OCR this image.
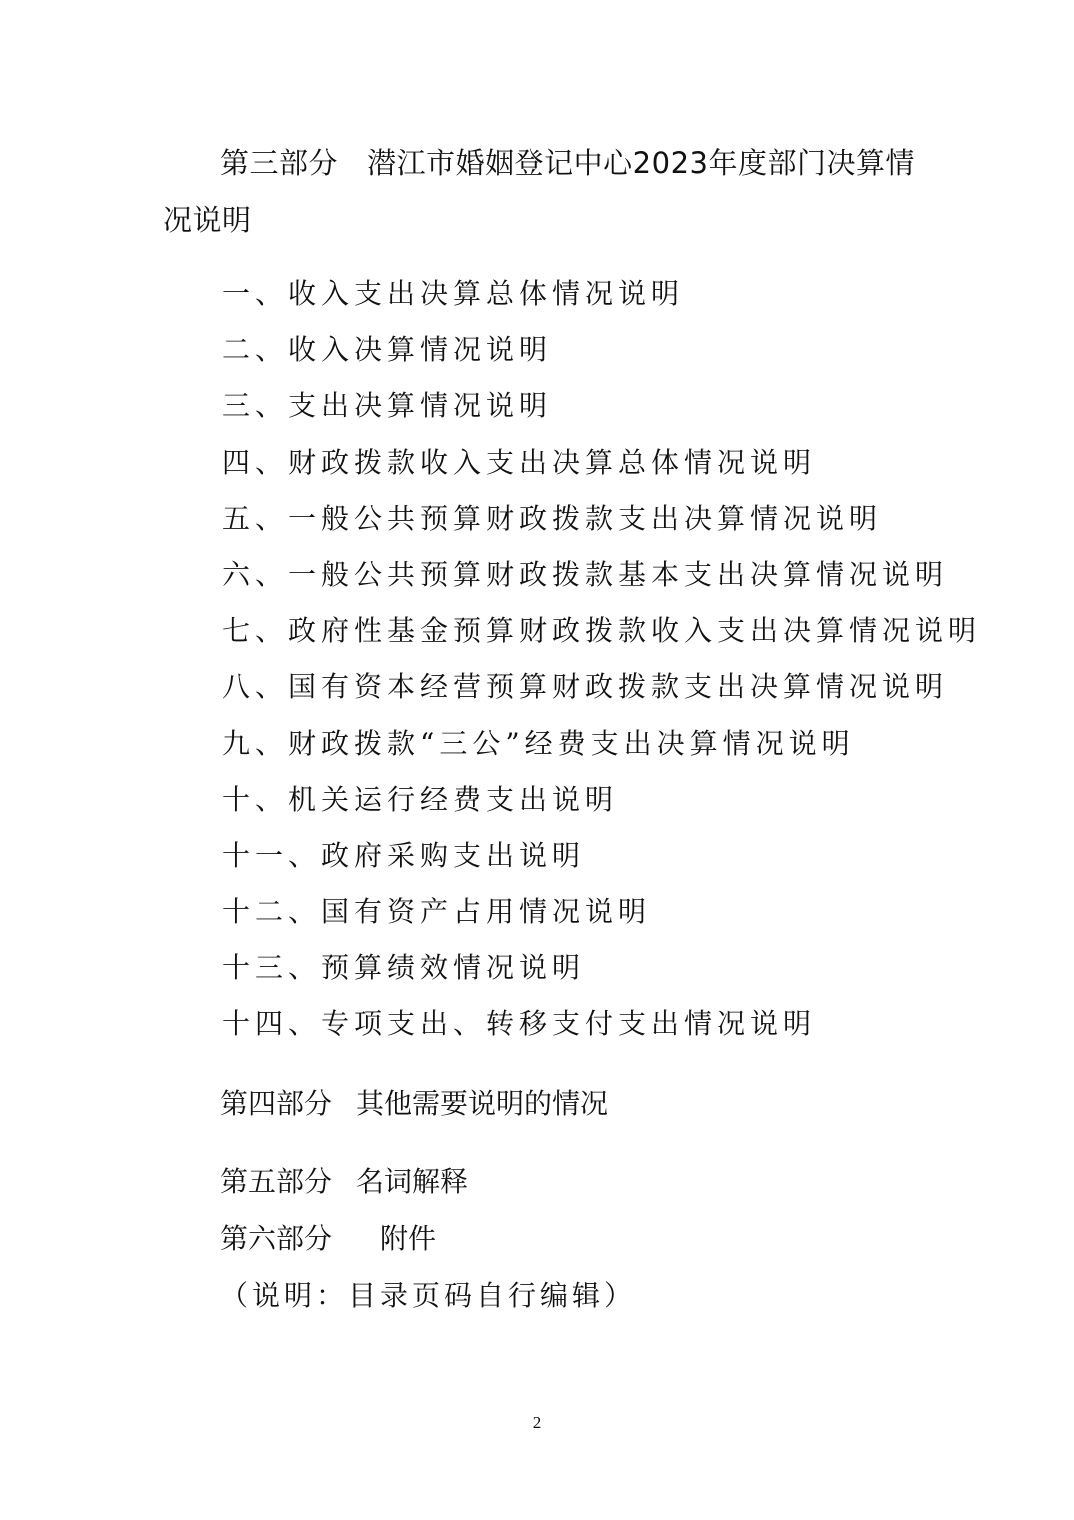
第三部分 潜江市婚姻登记中心2023年度部门决算情况说明
一、收入支出决算总体情况说明
二、收入决算情况说明
三、支出决算情况说明
四、财政拨款收入支出决算总体情况说明
五、一般公共预算财政拨款支出决算情况说明
六、一般公共预算财政拨款基本支出决算情况说明
七、政府性基金预算财政拨款收入支出决算情况说明
八、国有资本经营预算财政拨款支出决算情况说明
九、财政拨款“三公”经费支出决算情况说明
十、机关运行经费支出说明
十一、政府采购支出说明
十二、国有资产占用情况说明
十三、预算绩效情况说明
十四、专项支出、转移支付支出情况说明
第四部分 其他需要说明的情况
第五部分 名词解释
第六部分 附件
（说明：目录页码自行编辑）
2
